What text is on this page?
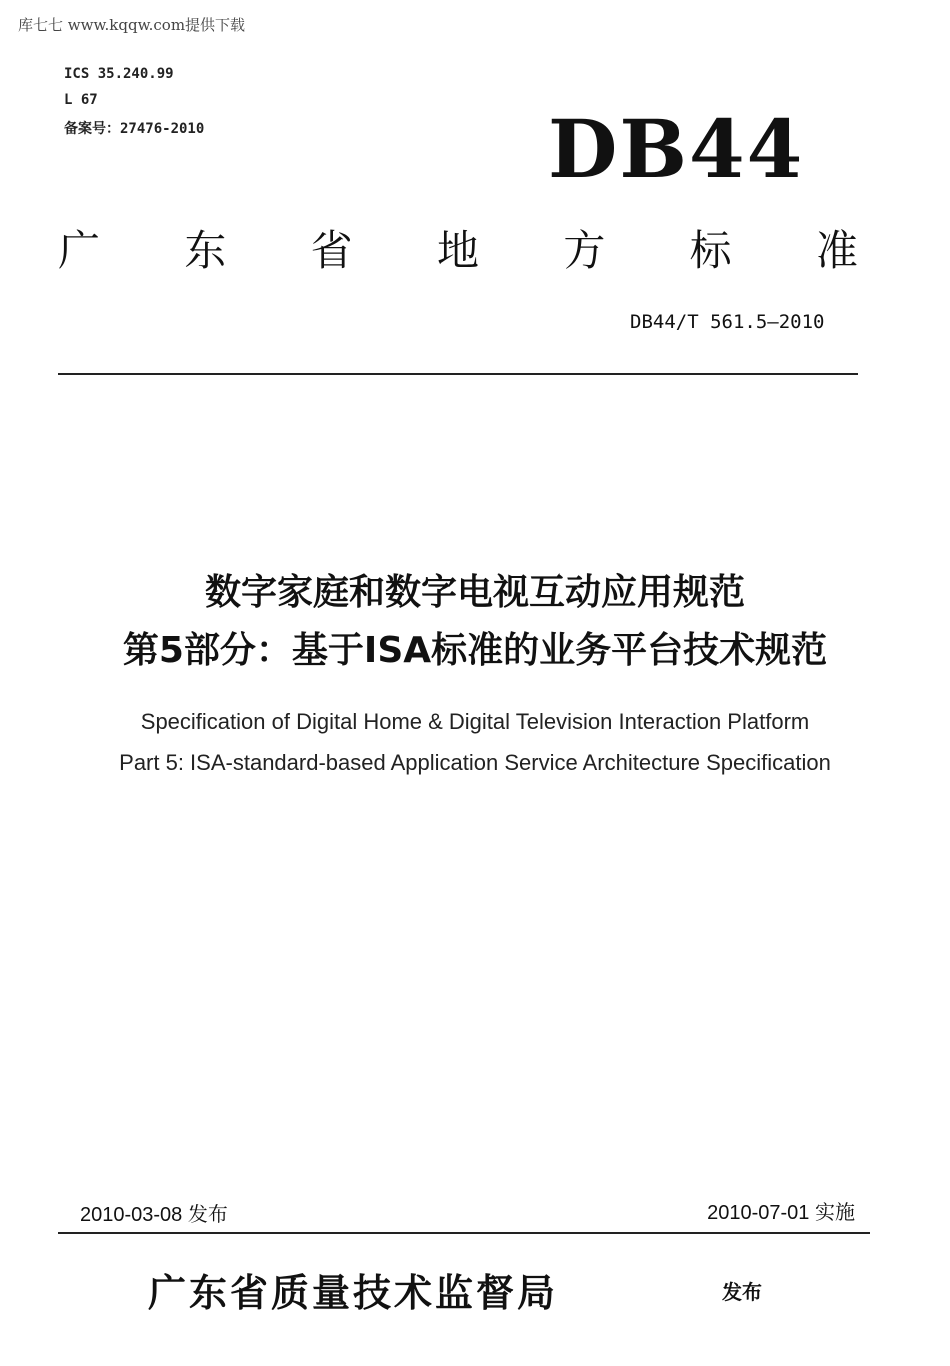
库七七 www.kqqw.com提供下载
ICS 35.240.99
L 67
备案号：27476-2010	DB44
广 东 省 地 方 标 准
DB44/T 561.5—2010
数字家庭和数字电视互动应用规范
第5部分：基于ISA标准的业务平台技术规范
Specification of Digital Home & Digital Television Interaction Platform
Part 5: ISA-standard-based Application Service Architecture Specification
2010-03-08 发布	2010-07-01 实施
广东省质量技术监督局	发布
